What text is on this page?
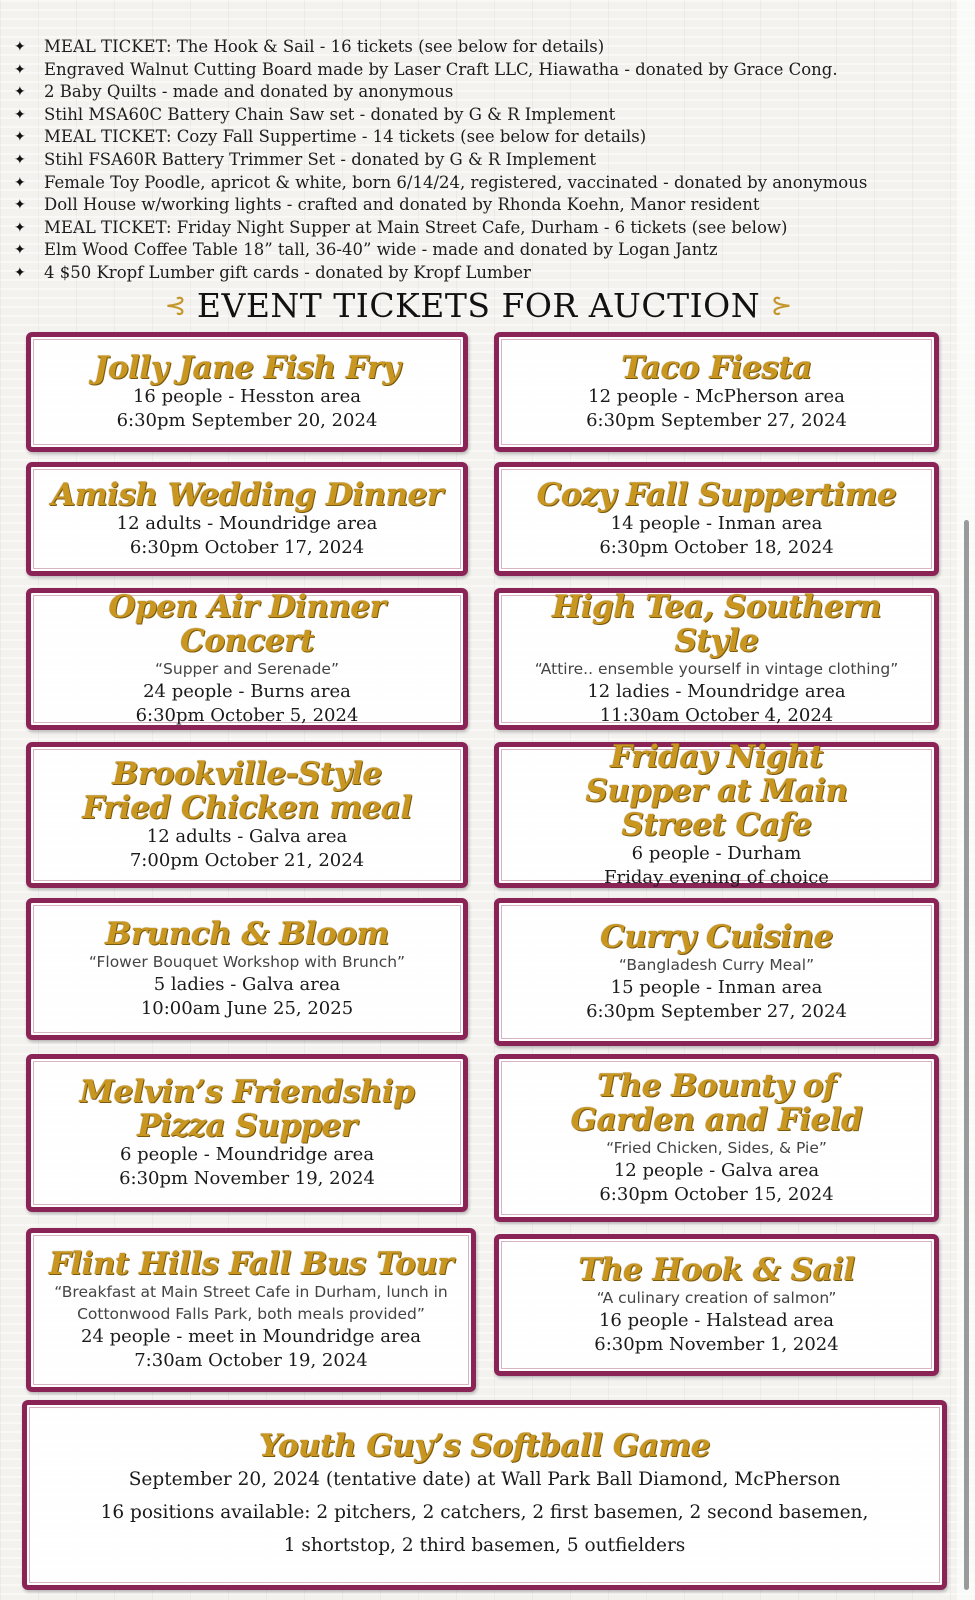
✦	MEAL TICKET: The Hook & Sail - 16 tickets (see below for details)
✦	Engraved Walnut Cutting Board made by Laser Craft LLC, Hiawatha - donated by Grace Cong.
✦	2 Baby Quilts - made and donated by anonymous
✦	Stihl MSA60C Battery Chain Saw set - donated by G & R Implement
✦	MEAL TICKET: Cozy Fall Suppertime - 14 tickets (see below for details)
✦	Stihl FSA60R Battery Trimmer Set - donated by G & R Implement
✦	Female Toy Poodle, apricot & white, born 6/14/24, registered, vaccinated - donated by anonymous
✦	Doll House w/working lights - crafted and donated by Rhonda Koehn, Manor resident
✦	MEAL TICKET: Friday Night Supper at Main Street Cafe, Durham - 6 tickets (see below)
✦	Elm Wood Coffee Table 18” tall, 36-40” wide - made and donated by Logan Jantz
✦	4 $50 Kropf Lumber gift cards - donated by Kropf Lumber
⊰ EVENT TICKETS FOR AUCTION ⊰
Jolly Jane Fish Fry
16 people - Hesston area
6:30pm September 20, 2024
Taco Fiesta
12 people - McPherson area
6:30pm September 27, 2024
Amish Wedding Dinner
12 adults - Moundridge area
6:30pm October 17, 2024
Cozy Fall Suppertime
14 people - Inman area
6:30pm October 18, 2024
Open Air Dinner Concert
“Supper and Serenade”
24 people - Burns area
6:30pm October 5, 2024
High Tea, Southern Style
“Attire.. ensemble yourself in vintage clothing”
12 ladies - Moundridge area
11:30am October 4, 2024
Brookville-Style Fried Chicken meal
12 adults - Galva area
7:00pm October 21, 2024
Friday Night Supper at Main Street Cafe
6 people - Durham
Friday evening of choice
Brunch & Bloom
“Flower Bouquet Workshop with Brunch”
5 ladies - Galva area
10:00am June 25, 2025
Curry Cuisine
“Bangladesh Curry Meal”
15 people - Inman area
6:30pm September 27, 2024
Melvin’s Friendship Pizza Supper
6 people - Moundridge area
6:30pm November 19, 2024
The Bounty of Garden and Field
“Fried Chicken, Sides, & Pie”
12 people - Galva area
6:30pm October 15, 2024
Flint Hills Fall Bus Tour
“Breakfast at Main Street Cafe in Durham, lunch in Cottonwood Falls Park, both meals provided”
24 people - meet in Moundridge area
7:30am October 19, 2024
The Hook & Sail
“A culinary creation of salmon”
16 people - Halstead area
6:30pm November 1, 2024
Youth Guy’s Softball Game
September 20, 2024 (tentative date) at Wall Park Ball Diamond, McPherson
16 positions available: 2 pitchers, 2 catchers, 2 first basemen, 2 second basemen,
1 shortstop, 2 third basemen, 5 outfielders
